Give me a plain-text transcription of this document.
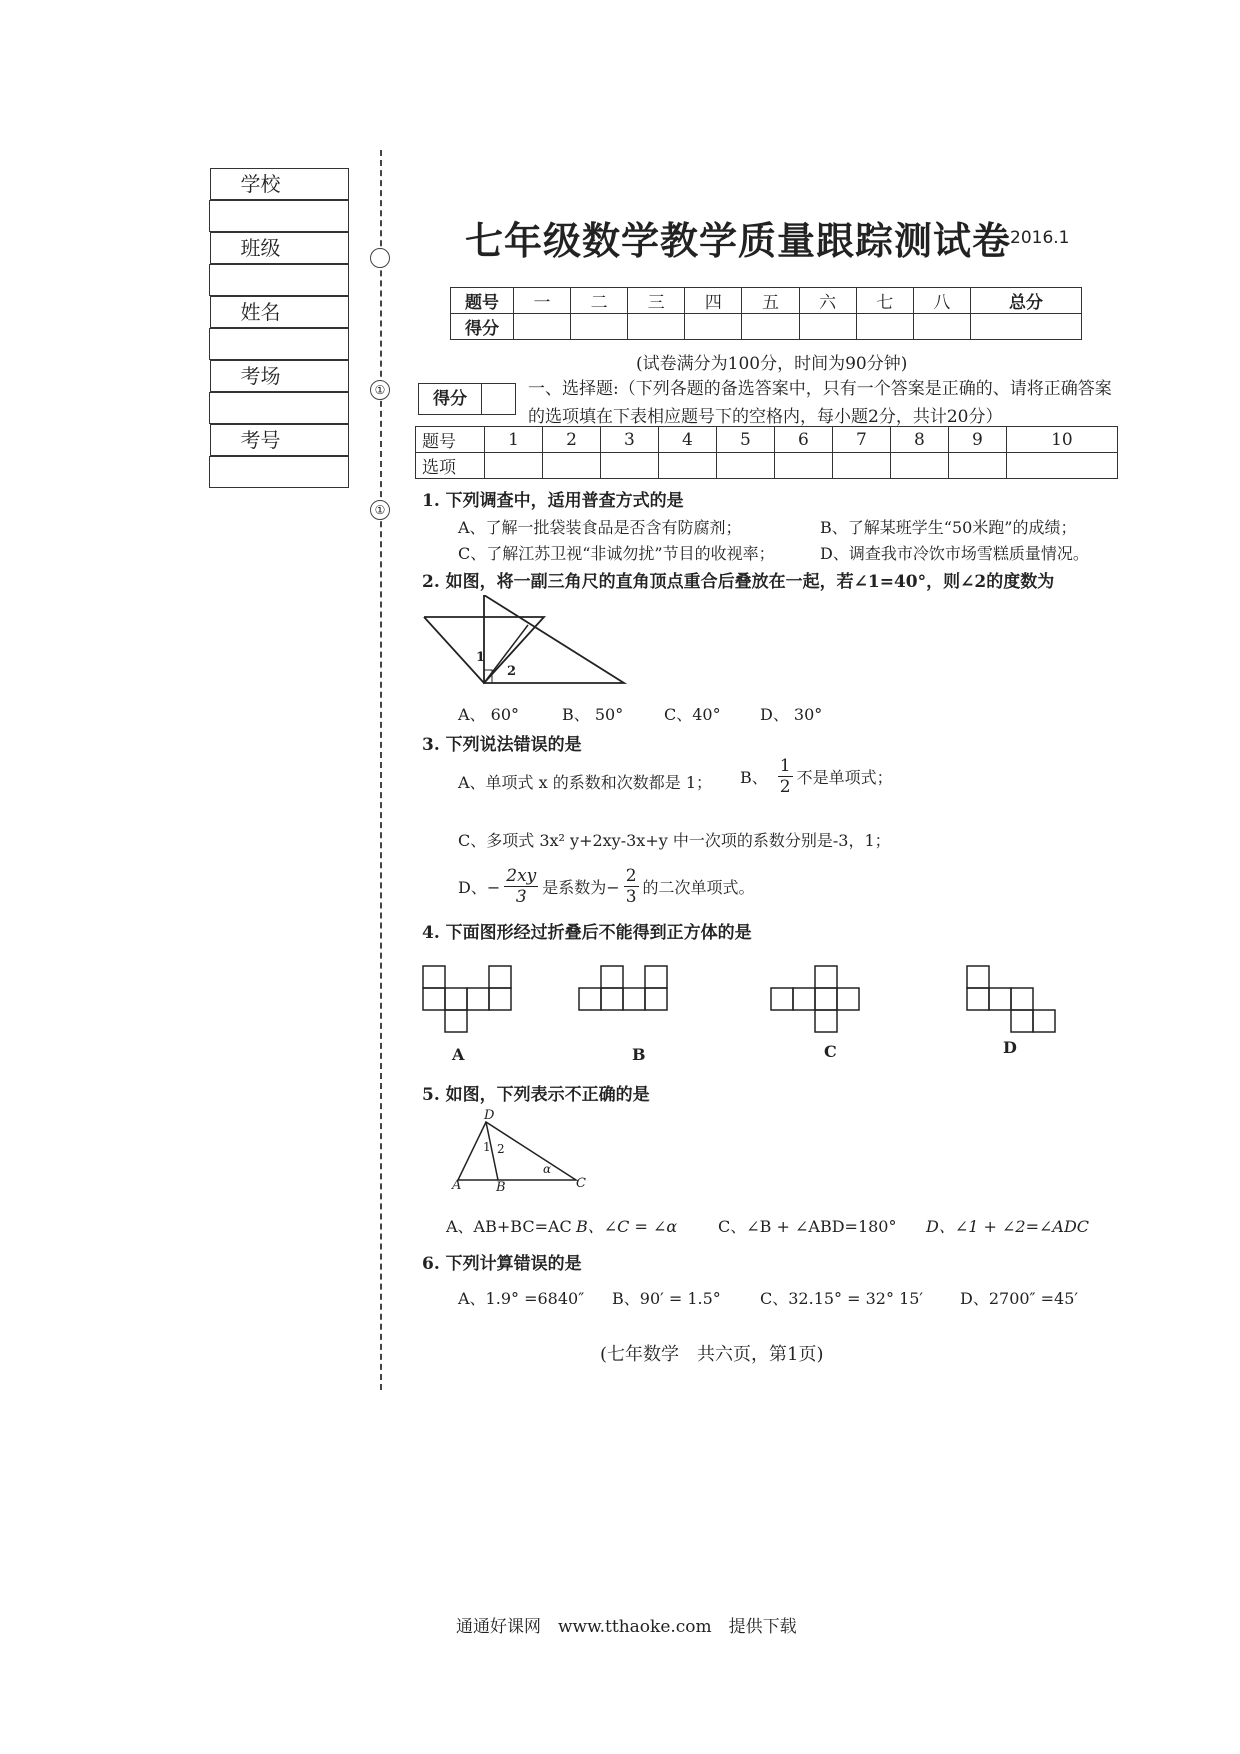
学校

班级

姓名

考场

考号

①
①
七年级数学教学质量跟踪测试卷
2016.1
题号	一	二	三	四	五	六	七	八	总分
得分									
(试卷满分为100分，时间为90分钟)
得分	一、选择题:（下列各题的备选答案中，只有一个答案是正确的、请将正确答案的选项填在下表相应题号下的空格内，每小题2分，共计20分）
题号	1	2	3	4	5	6	7	8	9	10
选项										
1. 下列调查中，适用普查方式的是
A、了解一批袋装食品是否含有防腐剂；	B、了解某班学生“50米跑”的成绩；
C、了解江苏卫视“非诚勿扰”节目的收视率；	D、调查我市冷饮市场雪糕质量情况。
2. 如图，将一副三角尺的直角顶点重合后叠放在一起，若∠1=40°，则∠2的度数为
1
2
A、 60°	B、 50°	C、40° D、 30°
3. 下列说法错误的是
A、单项式 x 的系数和次数都是 1； B、 $\frac{1}{2}$ 不是单项式；
C、多项式 3x² y+2xy-3x+y 中一次项的系数分别是-3，1；
D、− $\frac{2xy}{3}$ 是系数为− $\frac{2}{3}$ 的二次单项式。
4. 下面图形经过折叠后不能得到正方体的是
A	B	C	D
5. 如图，下列表示不正确的是
D
A	B	C
1 2
α
A、AB+BC=AC B、∠C = ∠α	C、∠B + ∠ABD=180° D、∠1 + ∠2=∠ADC
6. 下列计算错误的是
A、1.9° =6840″ B、90′ = 1.5° C、32.15° = 32° 15′ D、2700″ =45′
(七年数学　共六页，第1页)
通通好课网　www.tthaoke.com　提供下载
